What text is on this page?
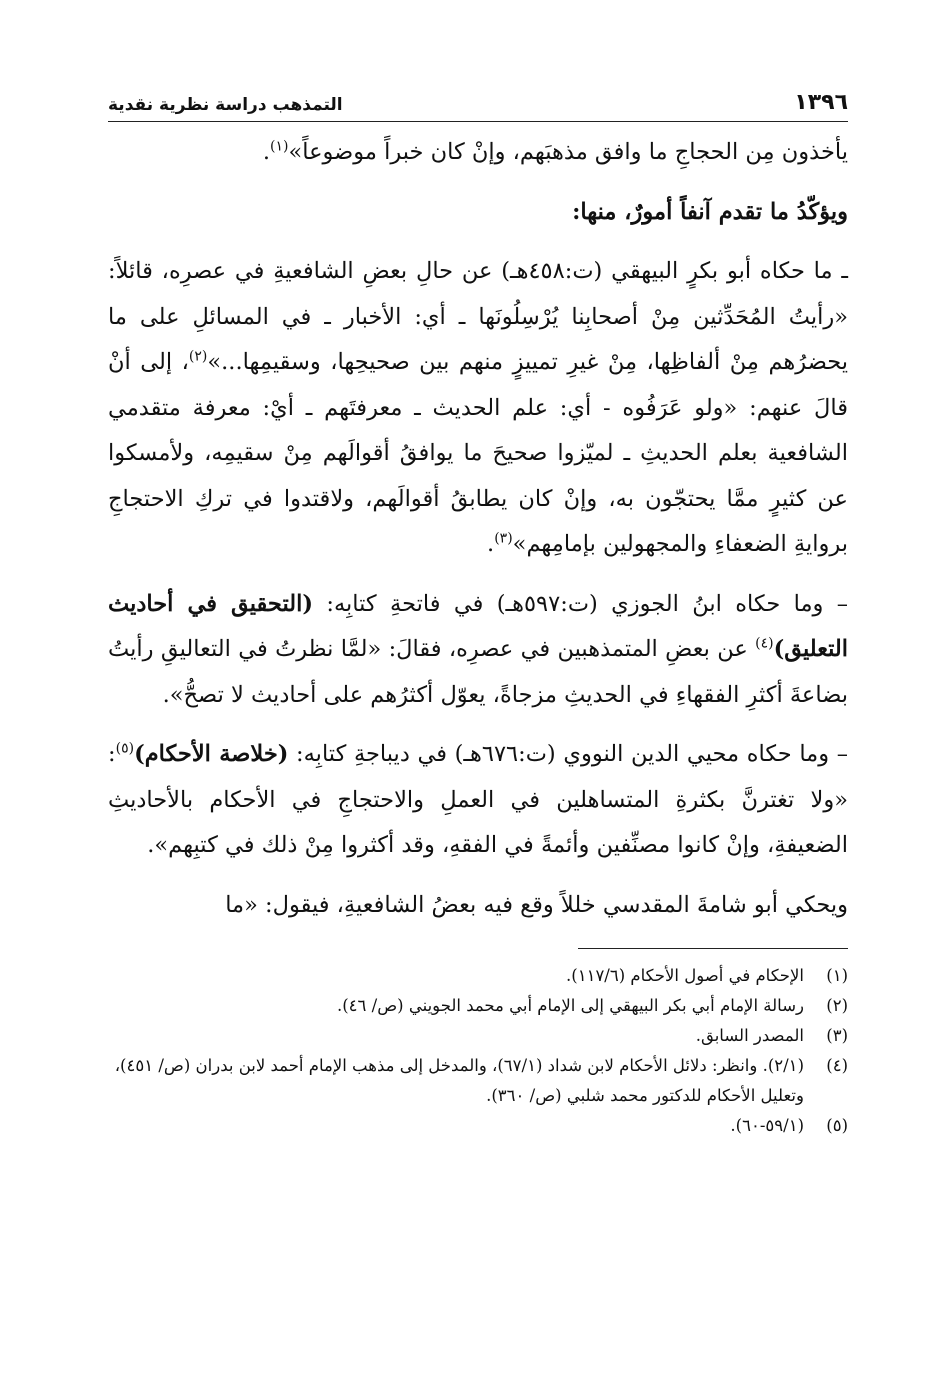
١٣٩٦
التمذهب دراسة نظرية نقدية

يأخذون مِن الحجاجِ ما وافق مذهبَهم، وإنْ كان خبراً موضوعاً»$^{(١)}$.

ويؤكّدُ ما تقدم آنفاً أمورٌ، منها:

ـ ما حكاه أبو بكرٍ البيهقي (ت:٤٥٨هـ) عن حالِ بعضِ الشافعيةِ في عصرِه، قائلاً: «رأيتُ المُحَدِّثين مِنْ أصحابِنا يُرْسِلُونَها ـ أي: الأخبار ـ في المسائلِ على ما يحضرُهم مِنْ ألفاظِها، مِنْ غيرِ تمييزٍ منهم بين صحيحِها، وسقيمِها...»$^{(٢)}$، إلى أنْ قالَ عنهم: «ولو عَرَفُوه - أي: علم الحديث ـ معرفتَهم ـ أيْ: معرفة متقدمي الشافعية بعلم الحديثِ ـ لميّزوا صحيحَ ما يوافقُ أقوالَهم مِنْ سقيمِه، ولأمسكوا عن كثيرٍ ممَّا يحتجّون به، وإنْ كان يطابقُ أقوالَهم، ولاقتدوا في تركِ الاحتجاجِ بروايةِ الضعفاءِ والمجهولين بإمامِهم»$^{(٣)}$.

– وما حكاه ابنُ الجوزي (ت:٥٩٧هـ) في فاتحةِ كتابِه: (التحقيق في أحاديث التعليق)$^{(٤)}$ عن بعضِ المتمذهبين في عصرِه، فقالَ: «لمَّا نظرتُ في التعاليقِ رأيتُ بضاعةَ أكثرِ الفقهاءِ في الحديثِ مزجاةً، يعوّل أكثرُهم على أحاديث لا تصحُّ».

– وما حكاه محيي الدين النووي (ت:٦٧٦هـ) في ديباجةِ كتابِه: (خلاصة الأحكام)$^{(٥)}$: «ولا تغترنَّ بكثرةِ المتساهلين في العملِ والاحتجاجِ في الأحكام بالأحاديثِ الضعيفةِ، وإنْ كانوا مصنِّفين وأئمةً في الفقهِ، وقد أكثروا مِنْ ذلك في كتبِهم».

ويحكي أبو شامةَ المقدسي خللاً وقع فيه بعضُ الشافعيةِ، فيقول: «ما

(١)
الإحكام في أصول الأحكام (١١٧/٦).
(٢)
رسالة الإمام أبي بكر البيهقي إلى الإمام أبي محمد الجويني (ص/ ٤٦).
(٣)
المصدر السابق.
(٤)
(٢/١). وانظر: دلائل الأحكام لابن شداد (٦٧/١)، والمدخل إلى مذهب الإمام أحمد لابن بدران (ص/ ٤٥١)، وتعليل الأحكام للدكتور محمد شلبي (ص/ ٣٦٠).
(٥)
(٥٩/١-٦٠).
